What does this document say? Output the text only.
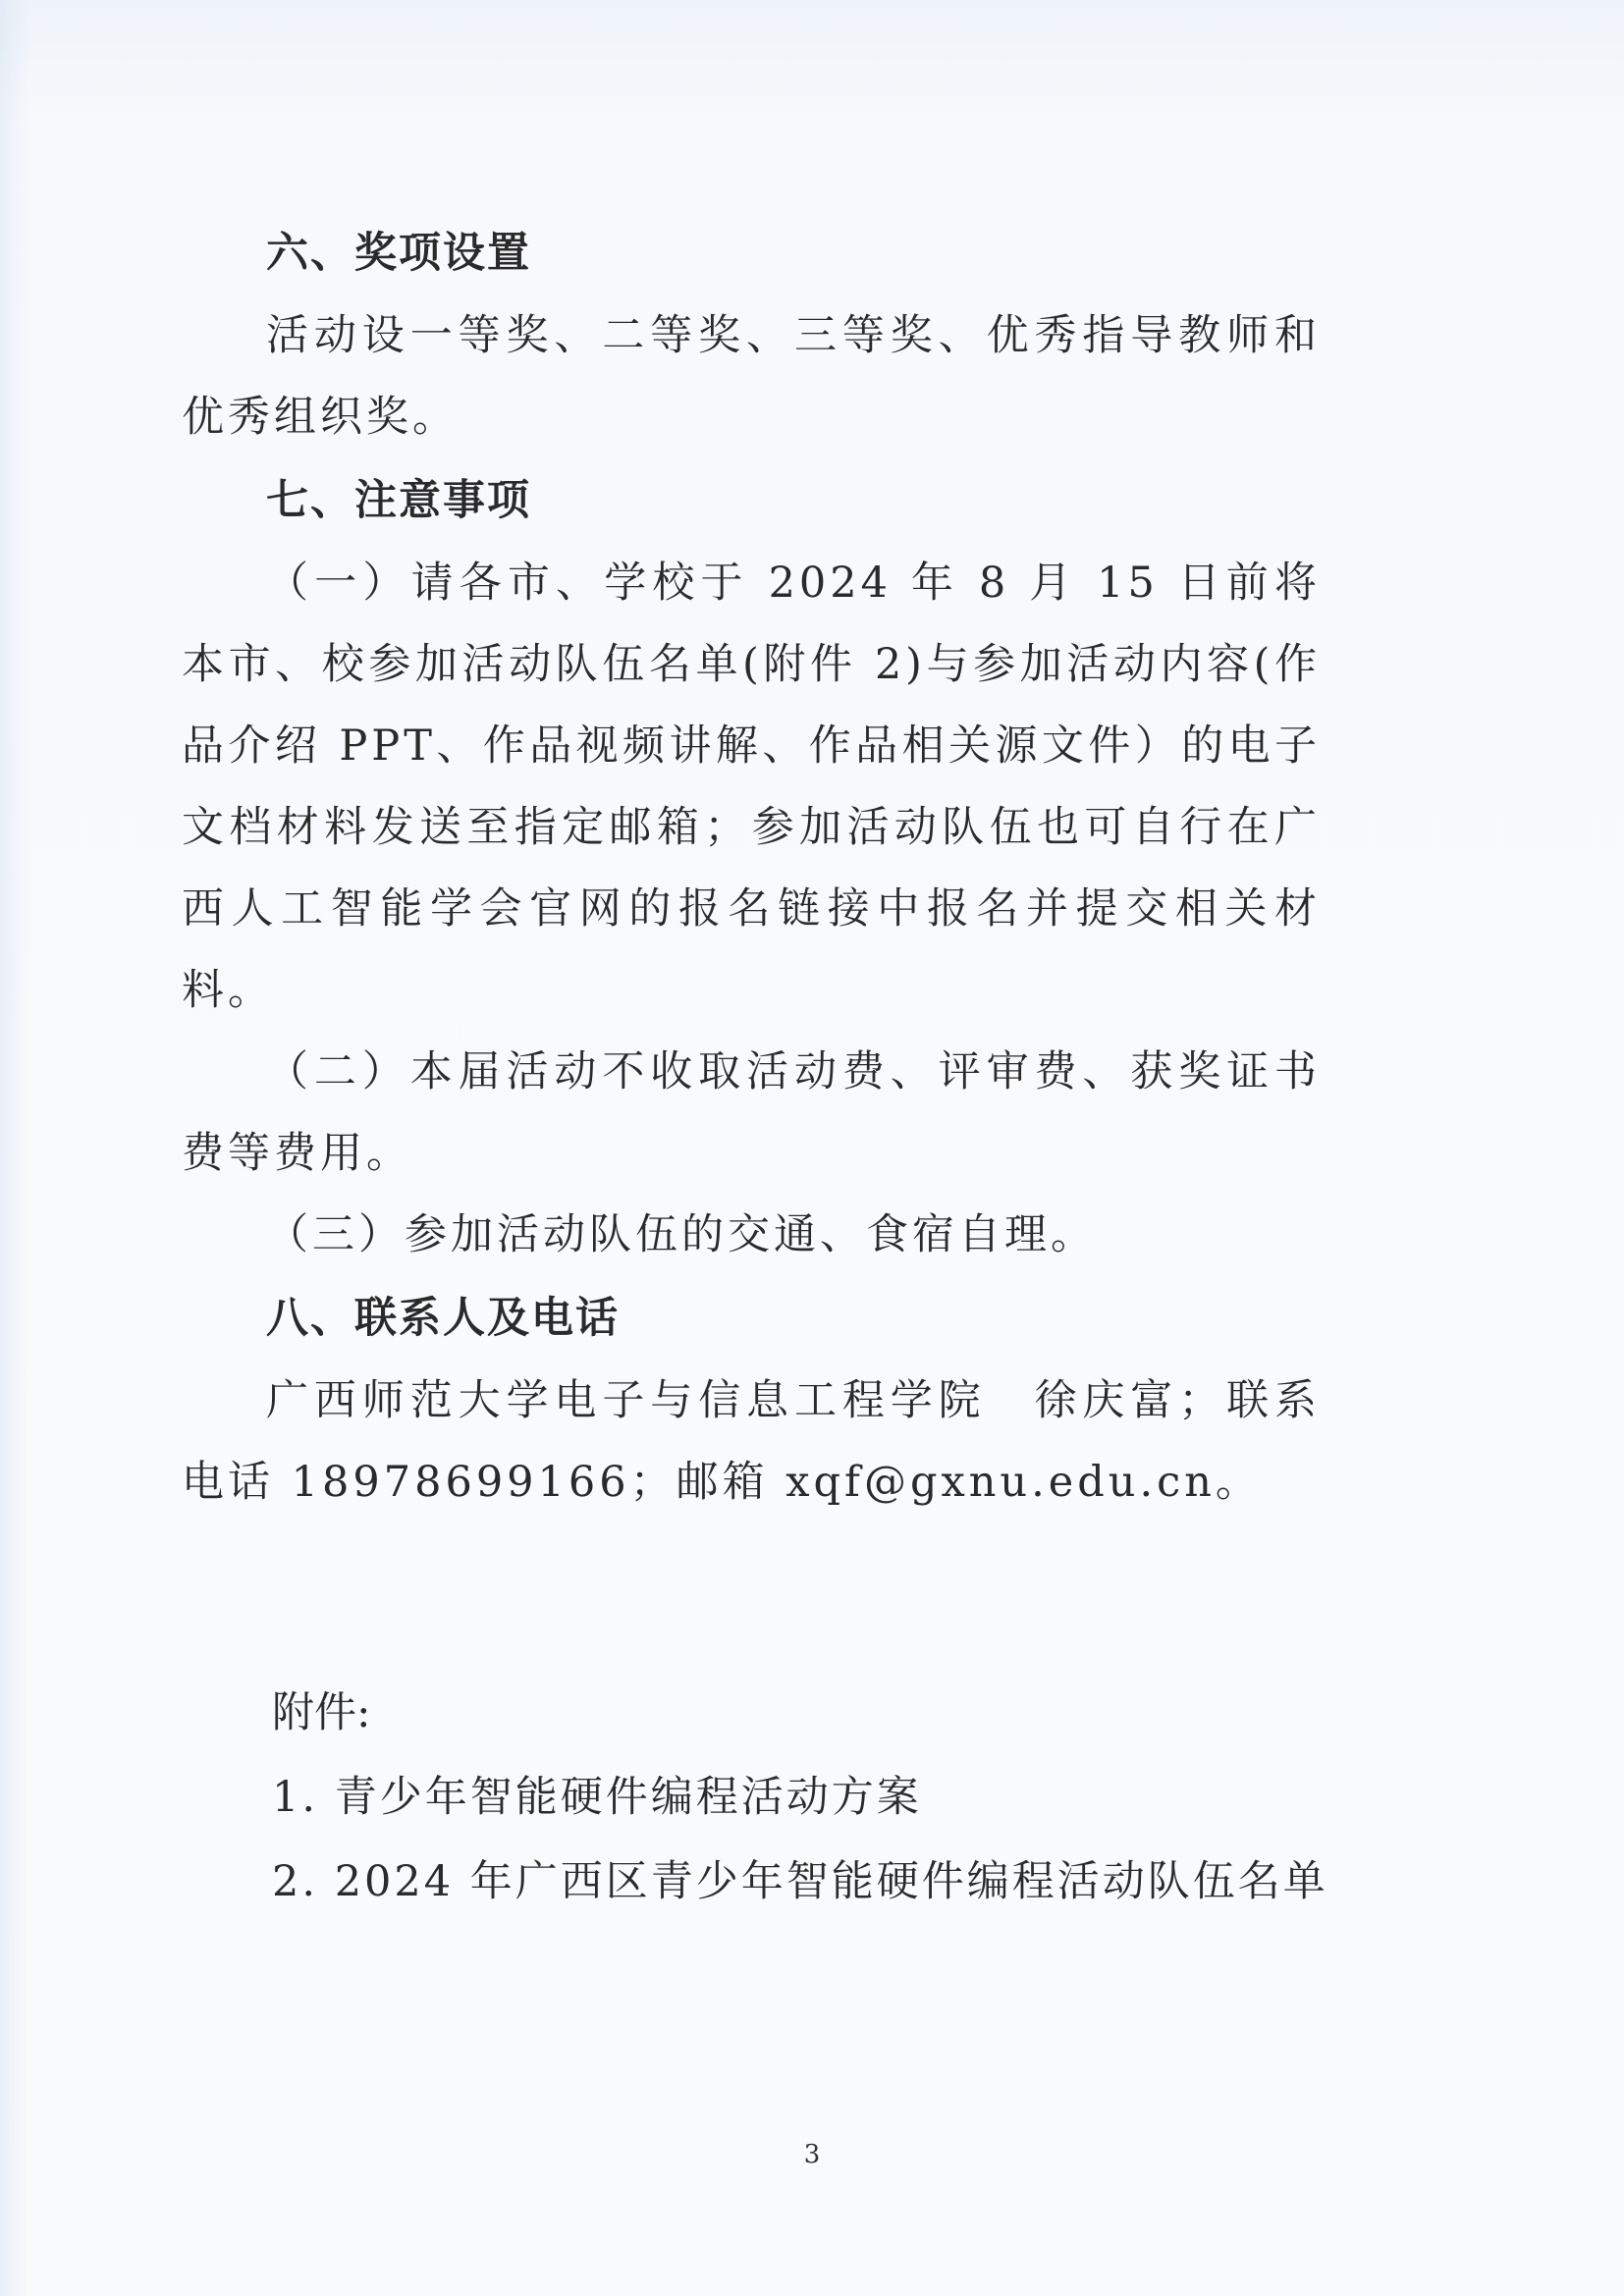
六、奖项设置

活动设一等奖、二等奖、三等奖、优秀指导教师和优秀组织奖。

七、注意事项

（一）请各市、学校于 2024 年 8 月 15 日前将本市、校参加活动队伍名单(附件 2)与参加活动内容(作品介绍 PPT、作品视频讲解、作品相关源文件）的电子文档材料发送至指定邮箱；参加活动队伍也可自行在广西人工智能学会官网的报名链接中报名并提交相关材料。

（二）本届活动不收取活动费、评审费、获奖证书费等费用。

（三）参加活动队伍的交通、食宿自理。

八、联系人及电话

广西师范大学电子与信息工程学院　徐庆富；联系电话 18978699166；邮箱 xqf@gxnu.edu.cn。

附件:
1. 青少年智能硬件编程活动方案
2. 2024 年广西区青少年智能硬件编程活动队伍名单
3
